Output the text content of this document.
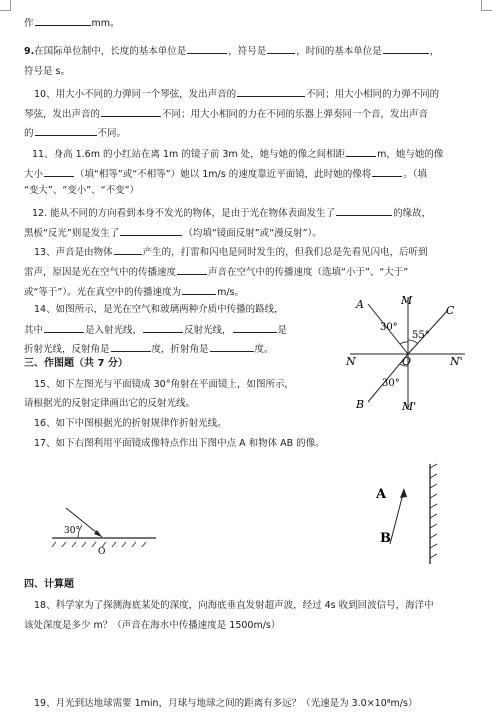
作	mm。
9.在国际单位制中，长度的基本单位是	，符号是	，时间的基本单位是	，
符号是 s。
10、用大小不同的力弹同一个琴弦，发出声音的	不同；用大小相同的力弹不同的
琴弦，发出声音的	不同；用大小相同的力在不同的乐器上弹奏同一个音，发出声音
的	不同。
11、身高 1.6m 的小红站在离 1m 的镜子前 3m 处，她与她的像之间相距	m，她与她的像
大小	（填“相等”或“不相等”）她以 1m/s 的速度靠近平面镜，此时她的像将	。（填
“变大”、“变小”、“不变”）
12. 能从不同的方向看到本身不发光的物体，是由于光在物体表面发生了	的缘故，
黑板“反光”则是发生了	（均填“镜面反射”或“漫反射”）。
13、声音是由物体	产生的，打雷和闪电是同时发生的，但我们总是先看见闪电，后听到
雷声，原因是光在空气中的传播速度	声音在空气中的传播速度（选填“小于”、“大于”
或“等于”）。光在真空中的传播速度为	m/s。
14、如图所示，是光在空气和玻璃两种介质中传播的路线，
其中	是入射光线，	反射光线，	是
折射光线，反射角是	度，折射角是	度。
A	M
C
30°
55°
N	O	N'
30°
B	M'
三、作图题（共 7 分）
15、如下左图光与平面镜成 30°角射在平面镜上，如图所示，
请根据光的反射定律画出它的反射光线。
16、如下中图根据光的折射规律作折射光线。
17、如下右图利用平面镜成像特点作出下图中点 A 和物体 AB 的像。
30°
O
A
B
四、计算题
18、科学家为了探测海底某处的深度，向海底垂直发射超声波，经过 4s 收到回波信号，海洋中
该处深度是多少 m？（声音在海水中传播速度是 1500m/s）
19、月光到达地球需要 1min，月球与地球之间的距离有多远？（光速是为 3.0×10⁸m/s）
